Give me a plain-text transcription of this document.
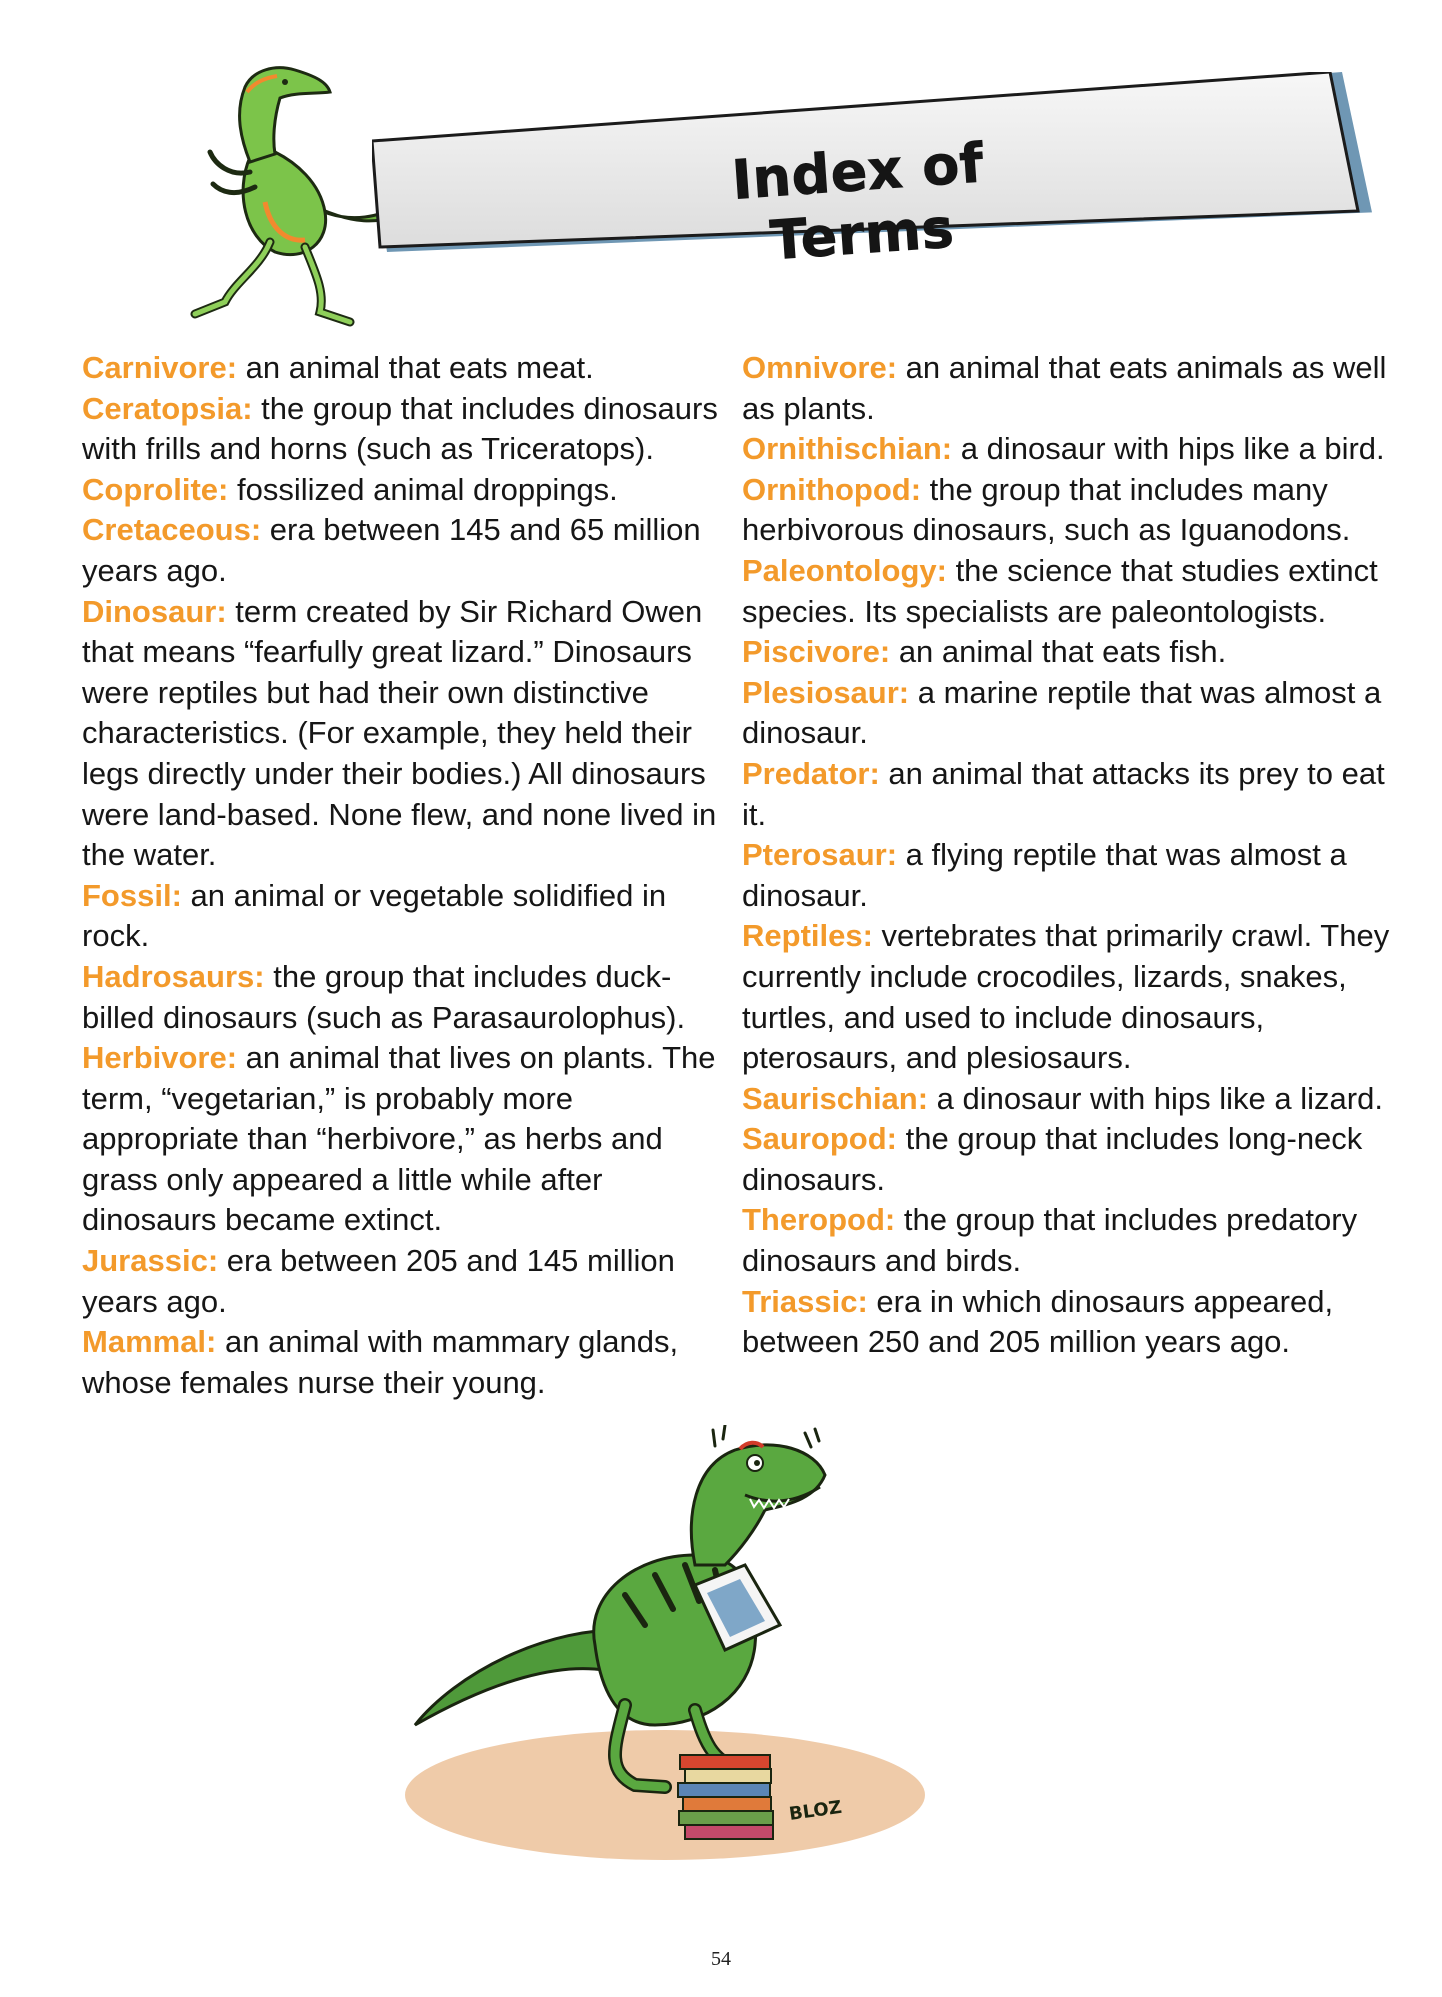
Index of Terms

Carnivore: an animal that eats meat.

Ceratopsia: the group that includes dinosaurs with frills and horns (such as Triceratops).

Coprolite: fossilized animal droppings.

Cretaceous: era between 145 and 65 million years ago.

Dinosaur: term created by Sir Richard Owen that means “fearfully great lizard.” Dinosaurs were reptiles but had their own distinctive characteristics. (For example, they held their legs directly under their bodies.) All dinosaurs were land-based. None flew, and none lived in the water.

Fossil: an animal or vegetable solidified in rock.

Hadrosaurs: the group that includes duck-billed dinosaurs (such as Parasaurolophus).

Herbivore: an animal that lives on plants. The term, “vegetarian,” is probably more appropriate than “herbivore,” as herbs and grass only appeared a little while after dinosaurs became extinct.

Jurassic: era between 205 and 145 million years ago.

Mammal: an animal with mammary glands, whose females nurse their young.

Omnivore: an animal that eats animals as well as plants.

Ornithischian: a dinosaur with hips like a bird.

Ornithopod: the group that includes many herbivorous dinosaurs, such as Iguanodons.

Paleontology: the science that studies extinct species. Its specialists are paleontologists.

Piscivore: an animal that eats fish.

Plesiosaur: a marine reptile that was almost a dinosaur.

Predator: an animal that attacks its prey to eat it.

Pterosaur: a flying reptile that was almost a dinosaur.

Reptiles: vertebrates that primarily crawl. They currently include crocodiles, lizards, snakes, turtles, and used to include dinosaurs, pterosaurs, and plesiosaurs.

Saurischian: a dinosaur with hips like a lizard.

Sauropod: the group that includes long-neck dinosaurs.

Theropod: the group that includes predatory dinosaurs and birds.

Triassic: era in which dinosaurs appeared, between 250 and 205 million years ago.

BLOZ
54
